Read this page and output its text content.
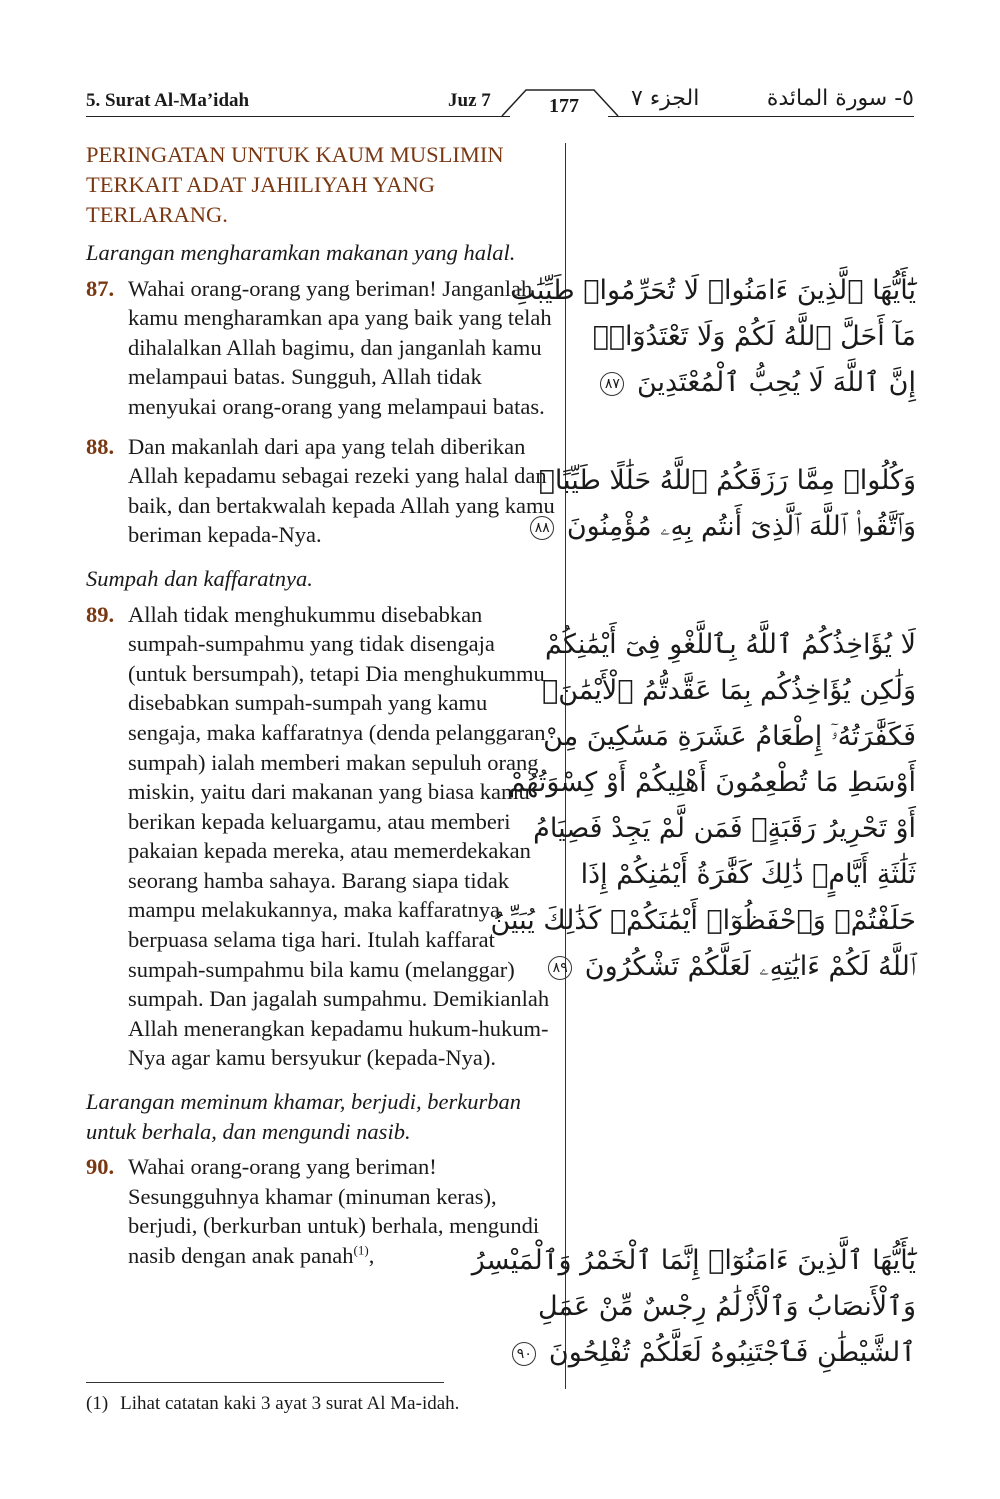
5. Surat Al-Ma’idah	Juz 7	177	الجزء ٧	٥- سورة المائدة
PERINGATAN UNTUK KAUM MUSLIMIN TERKAIT ADAT JAHILIYAH YANG TERLARANG.
Larangan mengharamkan makanan yang halal.
87. Wahai orang-orang yang beriman! Janganlah kamu mengharamkan apa yang baik yang telah dihalalkan Allah bagimu, dan janganlah kamu melampaui batas. Sungguh, Allah tidak menyukai orang-orang yang melampaui batas.
88. Dan makanlah dari apa yang telah diberikan Allah kepadamu sebagai rezeki yang halal dan baik, dan bertakwalah kepada Allah yang kamu beriman kepada-Nya.
Sumpah dan kaffaratnya.
89. Allah tidak menghukummu disebabkan sumpah-sumpahmu yang tidak disengaja (untuk bersumpah), tetapi Dia menghukummu disebabkan sumpah-sumpah yang kamu sengaja, maka kaffaratnya (denda pelanggaran sumpah) ialah memberi makan sepuluh orang miskin, yaitu dari makanan yang biasa kamu berikan kepada keluargamu, atau memberi pakaian kepada mereka, atau memerdekakan seorang hamba sahaya. Barang siapa tidak mampu melakukannya, maka kaffaratnya berpuasa selama tiga hari. Itulah kaffarat sumpah-sumpahmu bila kamu (melanggar) sumpah. Dan jagalah sumpahmu. Demikianlah Allah menerangkan kepadamu hukum-hukum-Nya agar kamu bersyukur (kepada-Nya).
Larangan meminum khamar, berjudi, berkurban untuk berhala, dan mengundi nasib.
90. Wahai orang-orang yang beriman! Sesungguhnya khamar (minuman keras), berjudi, (berkurban untuk) berhala, mengundi nasib dengan anak panah$^{(1)}$,
يَٰٓأَيُّهَا ٱلَّذِينَ ءَامَنُوا۟ لَا تُحَرِّمُوا۟ طَيِّبَٰتِ
مَآ أَحَلَّ ٱللَّهُ لَكُمْ وَلَا تَعْتَدُوٓا۟ۚ
إِنَّ ٱللَّهَ لَا يُحِبُّ ٱلْمُعْتَدِينَ ٨٧
وَكُلُوا۟ مِمَّا رَزَقَكُمُ ٱللَّهُ حَلَٰلًا طَيِّبًاۚ
وَٱتَّقُوا۟ ٱللَّهَ ٱلَّذِىٓ أَنتُم بِهِۦ مُؤْمِنُونَ ٨٨
لَا يُؤَاخِذُكُمُ ٱللَّهُ بِٱللَّغْوِ فِىٓ أَيْمَٰنِكُمْ
وَلَٰكِن يُؤَاخِذُكُم بِمَا عَقَّدتُّمُ ٱلْأَيْمَٰنَۖ
فَكَفَّٰرَتُهُۥٓ إِطْعَامُ عَشَرَةِ مَسَٰكِينَ مِنْ
أَوْسَطِ مَا تُطْعِمُونَ أَهْلِيكُمْ أَوْ كِسْوَتُهُمْ
أَوْ تَحْرِيرُ رَقَبَةٍۖ فَمَن لَّمْ يَجِدْ فَصِيَامُ
ثَلَٰثَةِ أَيَّامٍۚ ذَٰلِكَ كَفَّٰرَةُ أَيْمَٰنِكُمْ إِذَا
حَلَفْتُمْۚ وَٱحْفَظُوٓا۟ أَيْمَٰنَكُمْۚ كَذَٰلِكَ يُبَيِّنُ
ٱللَّهُ لَكُمْ ءَايَٰتِهِۦ لَعَلَّكُمْ تَشْكُرُونَ ٨٩
يَٰٓأَيُّهَا ٱلَّذِينَ ءَامَنُوٓا۟ إِنَّمَا ٱلْخَمْرُ وَٱلْمَيْسِرُ
وَٱلْأَنصَابُ وَٱلْأَزْلَٰمُ رِجْسٌ مِّنْ عَمَلِ
ٱلشَّيْطَٰنِ فَٱجْتَنِبُوهُ لَعَلَّكُمْ تُفْلِحُونَ ٩٠
(1) Lihat catatan kaki 3 ayat 3 surat Al Ma-idah.
